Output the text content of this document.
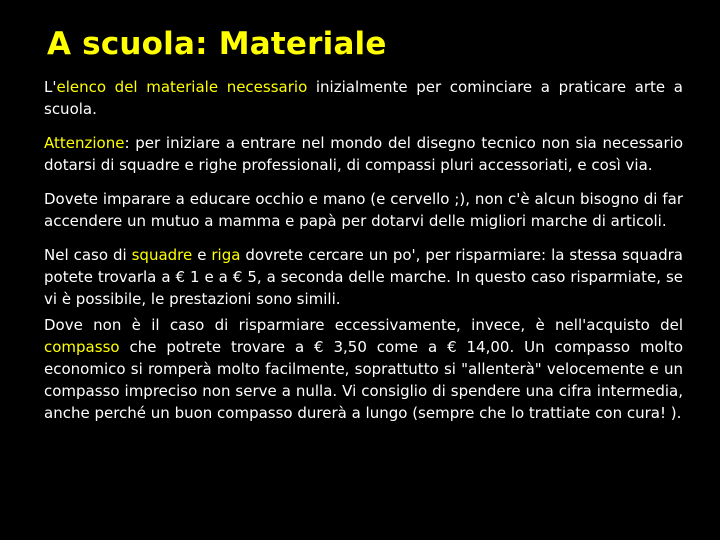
A scuola: Materiale

L'elenco del materiale necessario inizialmente per cominciare a praticare arte a scuola.

Attenzione: per iniziare a entrare nel mondo del disegno tecnico non sia necessario dotarsi di squadre e righe professionali, di compassi pluri accessoriati, e così via.

Dovete imparare a educare occhio e mano (e cervello ;), non c'è alcun bisogno di far accendere un mutuo a mamma e papà per dotarvi delle migliori marche di articoli.

Nel caso di squadre e riga dovrete cercare un po', per risparmiare: la stessa squadra potete trovarla a € 1 e a € 5, a seconda delle marche. In questo caso risparmiate, se vi è possibile, le prestazioni sono simili.

Dove non è il caso di risparmiare eccessivamente, invece, è nell'acquisto del compasso che potrete trovare a € 3,50 come a € 14,00. Un compasso molto economico si romperà molto facilmente, soprattutto si "allenterà" velocemente e un compasso impreciso non serve a nulla. Vi consiglio di spendere una cifra intermedia, anche perché un buon compasso durerà a lungo (sempre che lo trattiate con cura! ).
